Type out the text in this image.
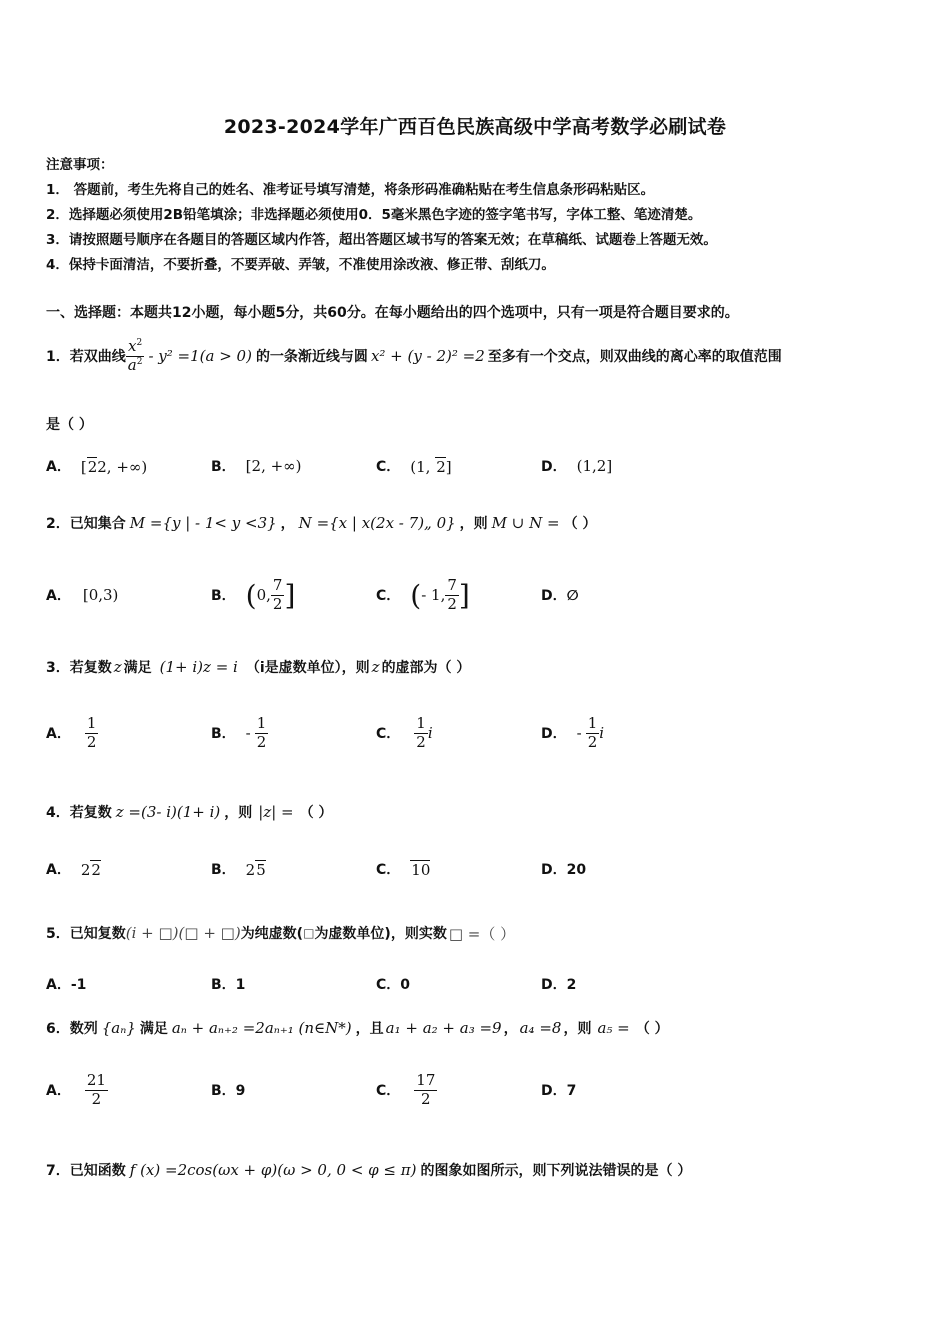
2023-2024学年广西百色民族高级中学高考数学必刷试卷
注意事项：
1． 答题前，考生先将自己的姓名、准考证号填写清楚，将条形码准确粘贴在考生信息条形码粘贴区。
2．选择题必须使用2B铅笔填涂；非选择题必须使用0．5毫米黑色字迹的签字笔书写，字体工整、笔迹清楚。
3．请按照题号顺序在各题目的答题区域内作答，超出答题区域书写的答案无效；在草稿纸、试题卷上答题无效。
4．保持卡面清洁，不要折叠，不要弄破、弄皱，不准使用涂改液、修正带、刮纸刀。
一、选择题：本题共12小题，每小题5分，共60分。在每小题给出的四个选项中，只有一项是符合题目要求的。
1．若双曲线 $\frac{x^2}{a^2} - y^2 =1(a > 0)$ 的一条渐近线与圆 x² + (y - 2)² =2 至多有一个交点，则双曲线的离心率的取值范围
是（ ）
A． [22, +∞)	B． [2, +∞)	C． (1, 2]	D． (1,2]
2．已知集合 M ={y | - 1< y <3} ， N ={x | x(2x - 7)„ 0} ，则 M ∪ N = （ ）
A． [0,3)	B． ( 0, $\frac{7}{2}$ ]	C． ( - 1, $\frac{7}{2}$ ]	D．∅
3．若复数 z 满足 (1+ i)z = i （i是虚数单位），则 z 的虚部为（ ）
A． $\frac{1}{2}$	B． - $\frac{1}{2}$	C． $\frac{1}{2}$ i	D． - $\frac{1}{2}$ i
4．若复数 z =(3- i)(1+ i) ，则 |z| = （ ）
A． 22	B． 25	C． 10	D．20
5．已知复数 (i + □)(□ + □) 为纯虚数( □ 为虚数单位)，则实数 □ =（ ）
A．-1	B．1	C．0	D．2
6．数列 {aₙ} 满足 aₙ + aₙ₊₂ =2aₙ₊₁ (n∈N*) ，且 a₁ + a₂ + a₃ =9 ， a₄ =8 ，则 a₅ = （ ）
A． $\frac{21}{2}$	B．9	C． $\frac{17}{2}$	D．7
7．已知函数 f (x) =2cos(ωx + φ)(ω > 0, 0 < φ ≤ π) 的图象如图所示，则下列说法错误的是（ ）
